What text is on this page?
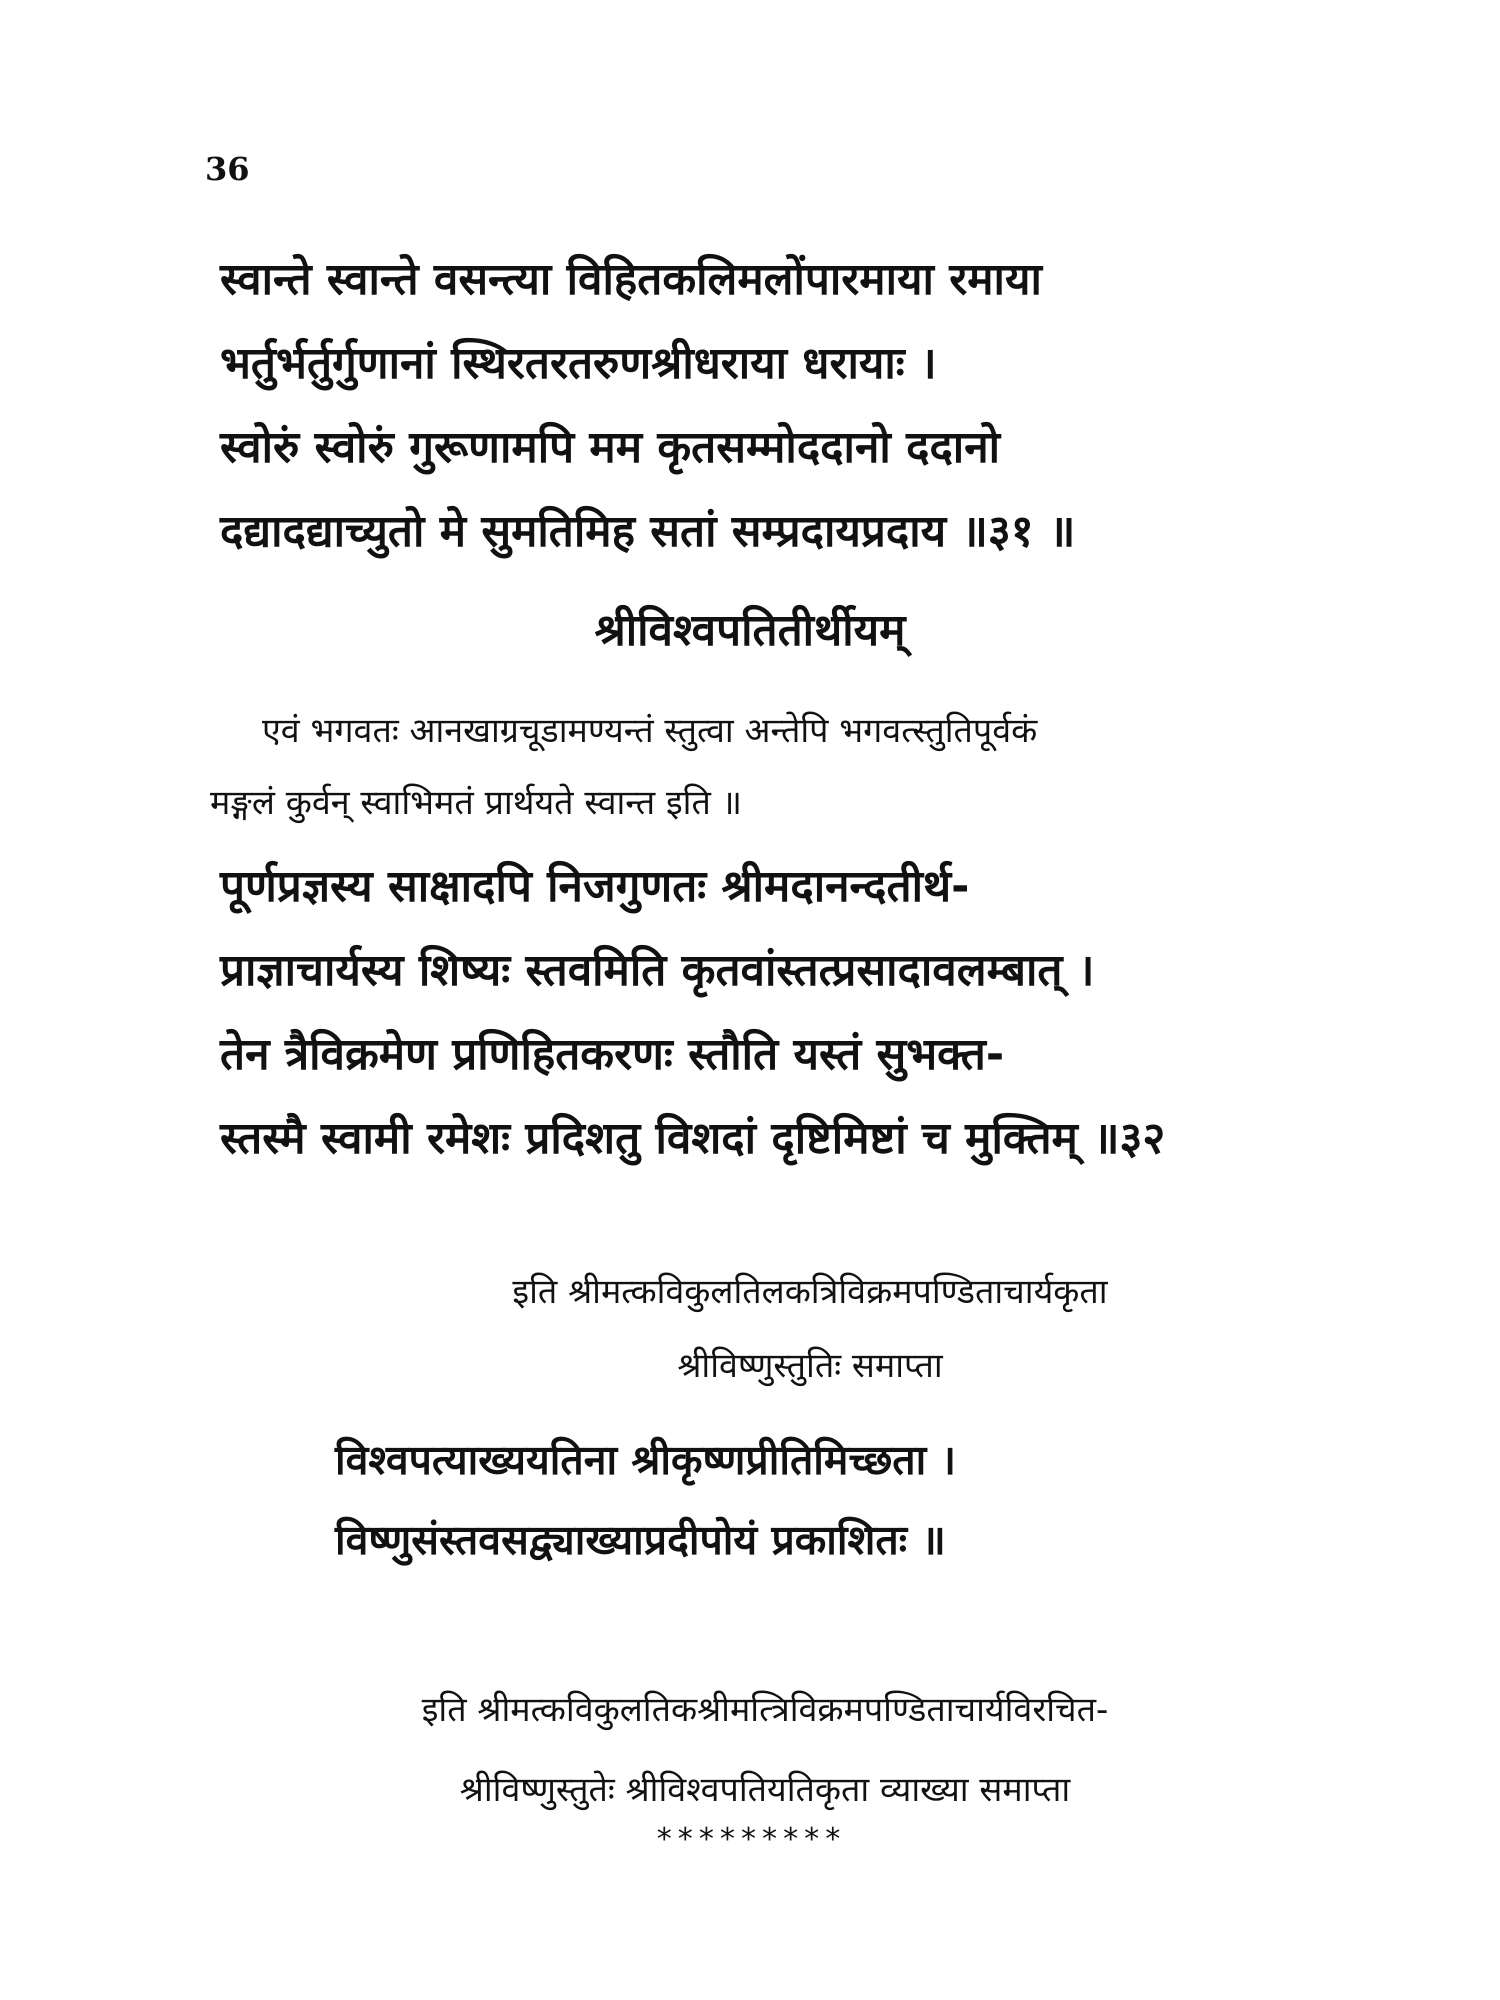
36
स्वान्ते स्वान्ते वसन्त्या विहितकलिमलोंपारमाया रमाया
भर्तुर्भर्तुर्गुणानां स्थिरतरतरुणश्रीधराया धरायाः ।
स्वोरुं स्वोरुं गुरूणामपि मम कृतसम्मोददानो ददानो
दद्यादद्याच्युतो मे सुमतिमिह सतां सम्प्रदायप्रदाय ॥३१ ॥
श्रीविश्वपतितीर्थीयम्
एवं भगवतः आनखाग्रचूडामण्यन्तं स्तुत्वा अन्तेपि भगवत्स्तुतिपूर्वकं
मङ्गलं कुर्वन् स्वाभिमतं प्रार्थयते स्वान्त इति ॥
पूर्णप्रज्ञस्य साक्षादपि निजगुणतः श्रीमदानन्दतीर्थ-
प्राज्ञाचार्यस्य शिष्यः स्तवमिति कृतवांस्तत्प्रसादावलम्बात् ।
तेन त्रैविक्रमेण प्रणिहितकरणः स्तौति यस्तं सुभक्त-
स्तस्मै स्वामी रमेशः प्रदिशतु विशदां दृष्टिमिष्टां च मुक्तिम् ॥३२
इति श्रीमत्कविकुलतिलकत्रिविक्रमपण्डिताचार्यकृता
श्रीविष्णुस्तुतिः समाप्ता
विश्वपत्याख्ययतिना श्रीकृष्णप्रीतिमिच्छता ।
विष्णुसंस्तवसद्व्याख्याप्रदीपोयं प्रकाशितः ॥
इति श्रीमत्कविकुलतिकश्रीमत्त्रिविक्रमपण्डिताचार्यविरचित-
श्रीविष्णुस्तुतेः श्रीविश्वपतियतिकृता व्याख्या समाप्ता
*********
